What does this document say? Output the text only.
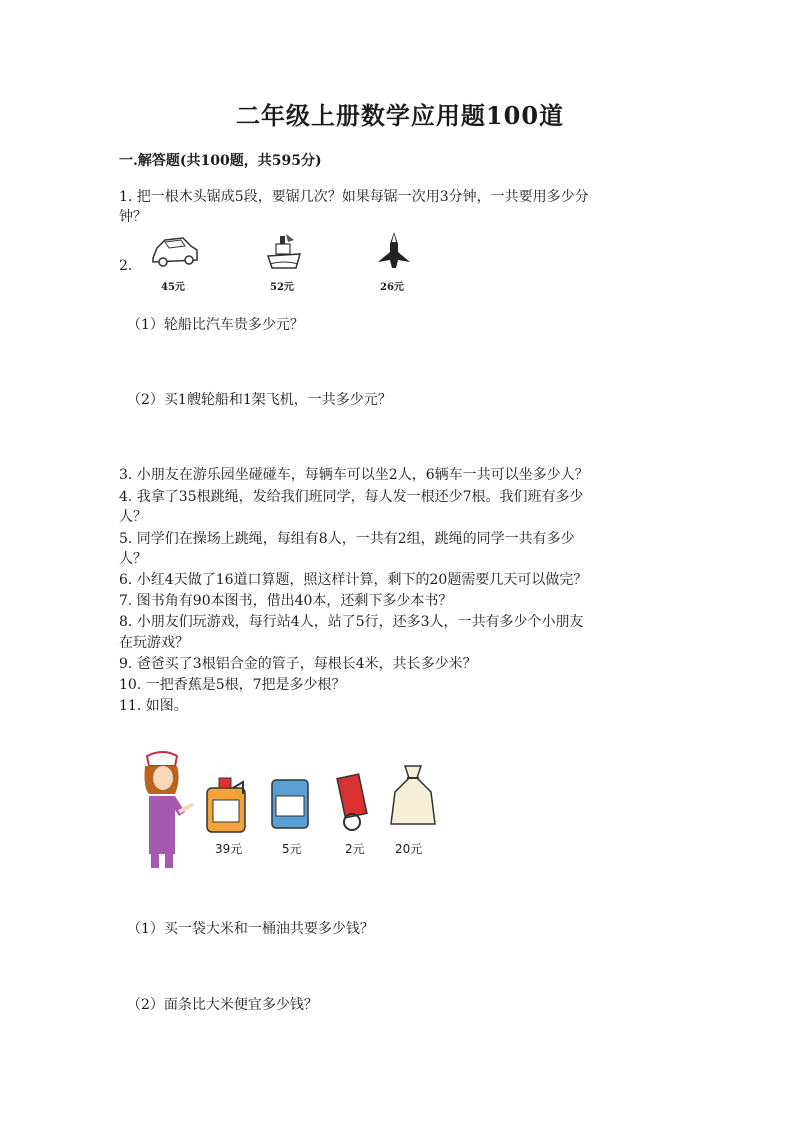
二年级上册数学应用题100道
一.解答题(共100题，共595分)
1. 把一根木头锯成5段，要锯几次？如果每锯一次用3分钟，一共要用多少分
钟？
2.
45元	52元	26元
（1）轮船比汽车贵多少元？
（2）买1艘轮船和1架飞机，一共多少元？
3. 小朋友在游乐园坐碰碰车，每辆车可以坐2人，6辆车一共可以坐多少人？
4. 我拿了35根跳绳，发给我们班同学，每人发一根还少7根。我们班有多少
人？
5. 同学们在操场上跳绳，每组有8人，一共有2组，跳绳的同学一共有多少
人？
6. 小红4天做了16道口算题，照这样计算，剩下的20题需要几天可以做完？
7. 图书角有90本图书，借出40本，还剩下多少本书？
8. 小朋友们玩游戏，每行站4人，站了5行，还多3人，一共有多少个小朋友
在玩游戏？
9. 爸爸买了3根铝合金的管子，每根长4米，共长多少米？
10. 一把香蕉是5根，7把是多少根？
11. 如图。
39元	5元	2元	20元
（1）买一袋大米和一桶油共要多少钱？
（2）面条比大米便宜多少钱？
